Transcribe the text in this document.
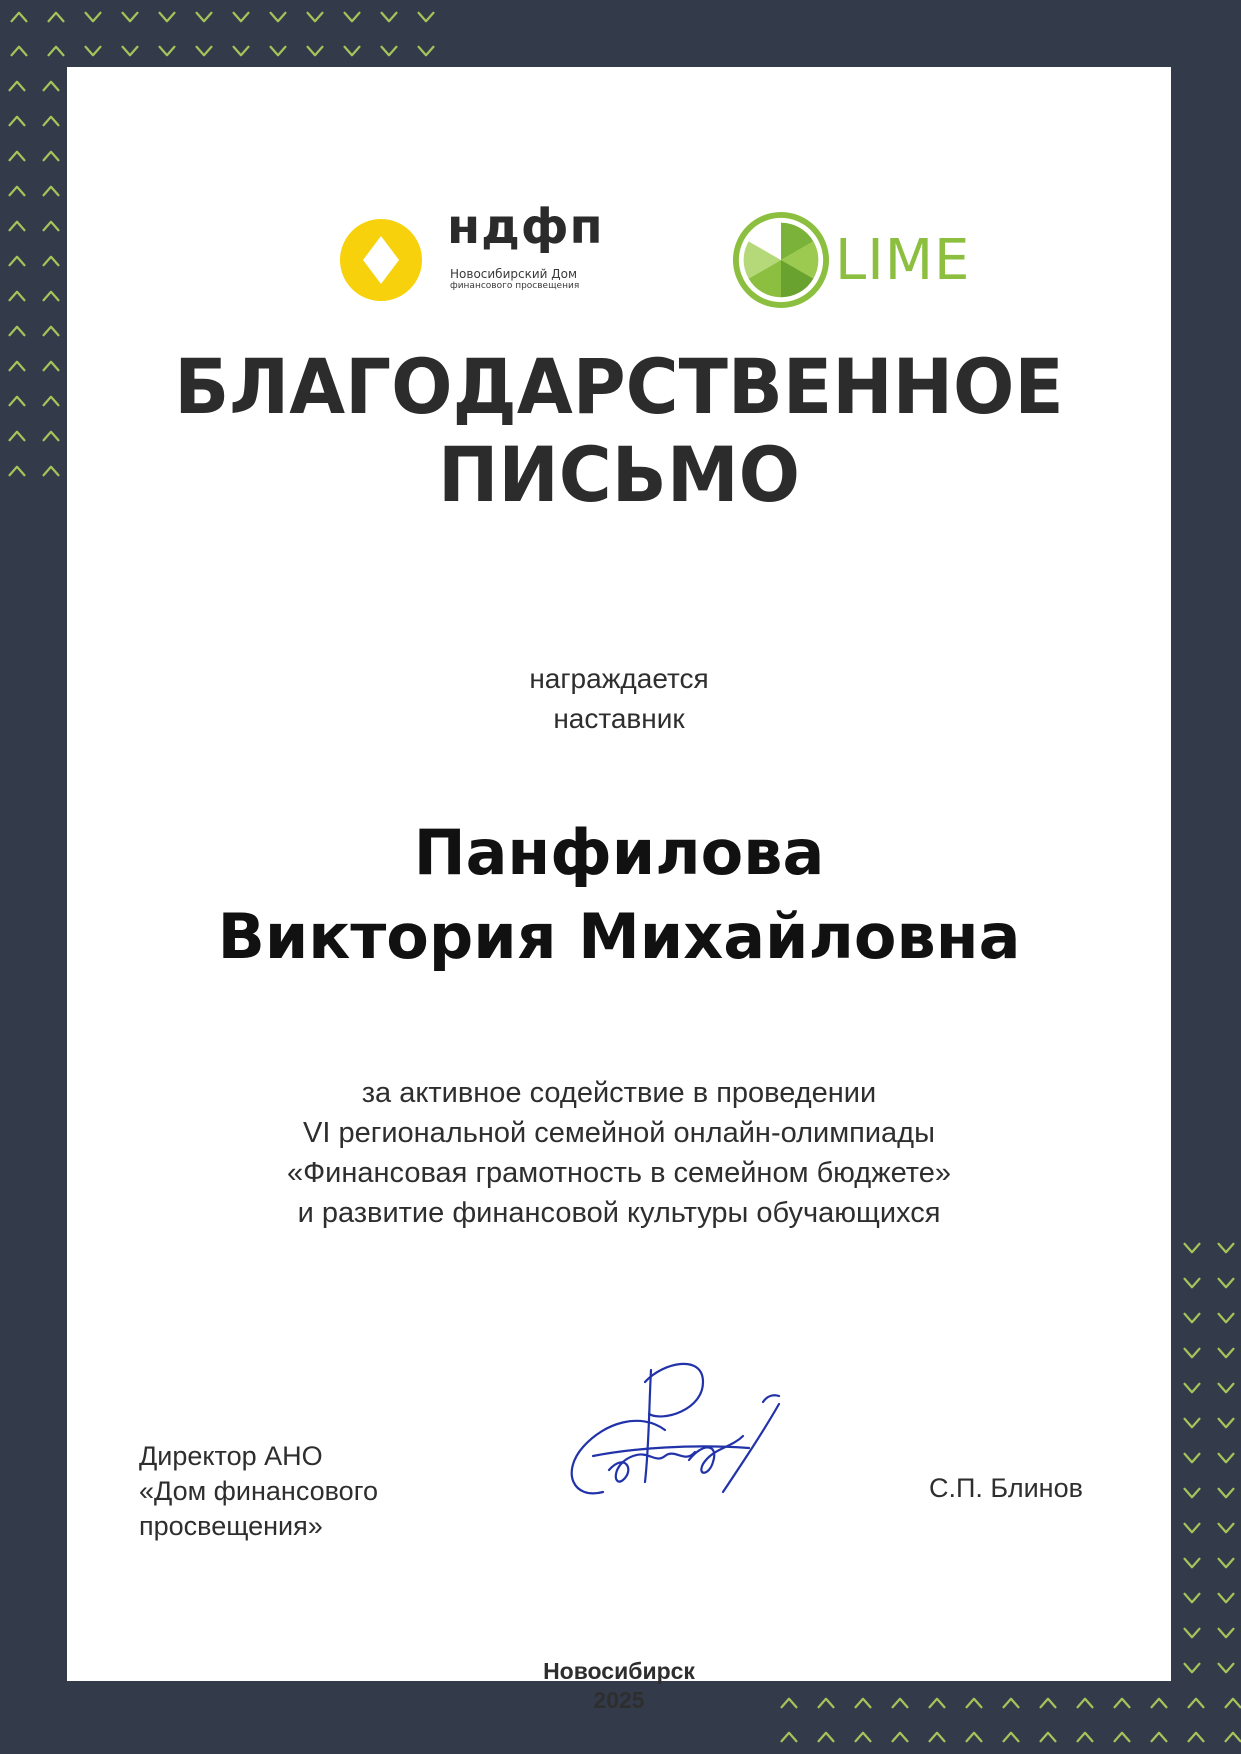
ндфп
Новосибирский Дом
финансового просвещения	LIME
БЛАГОДАРСТВЕННОЕ
ПИСЬМО
награждается
наставник
Панфилова
Виктория Михайловна
за активное содействие в проведении
VI региональной семейной онлайн-олимпиады
«Финансовая грамотность в семейном бюджете»
и развитие финансовой культуры обучающихся
Директор АНО
«Дом финансового
просвещения»
С.П. Блинов
Новосибирск
2025
